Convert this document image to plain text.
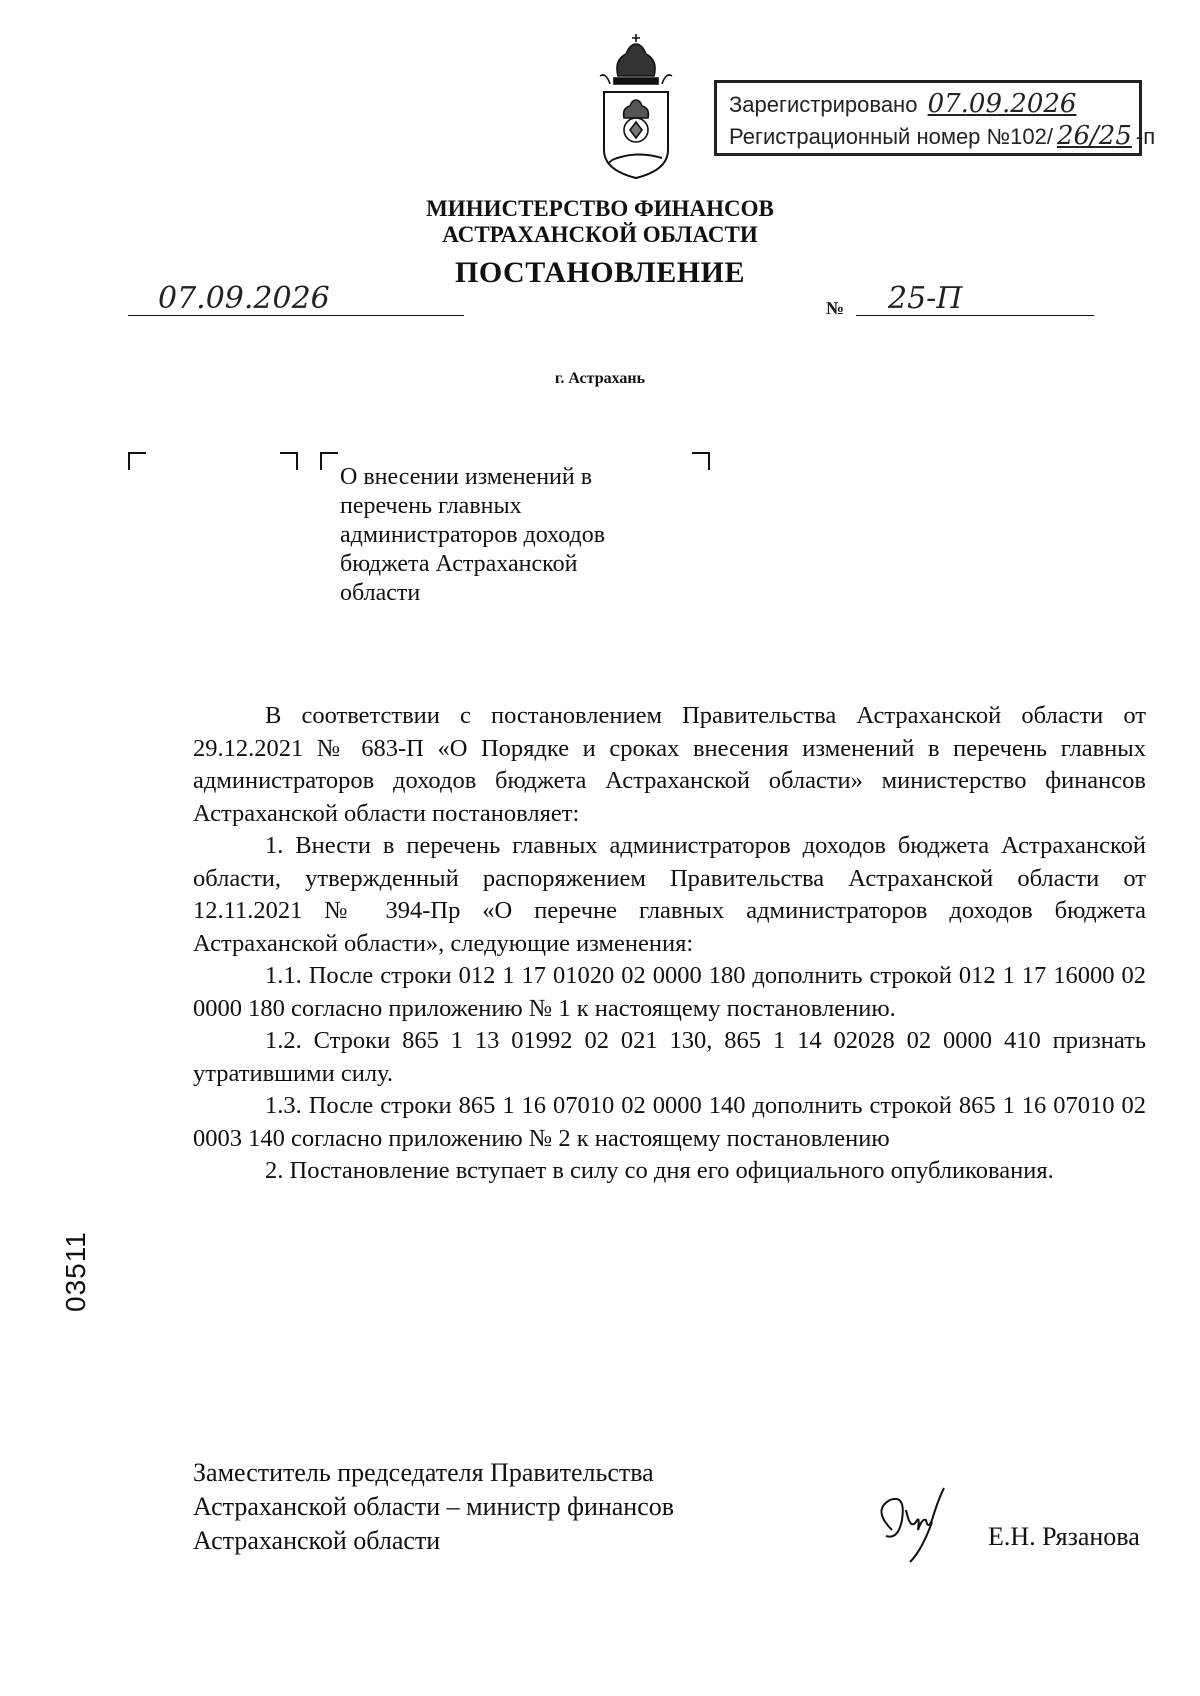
Зарегистрировано 07.09.2026
Регистрационный номер №102/ 26/25 -п
МИНИСТЕРСТВО ФИНАНСОВ
АСТРАХАНСКОЙ ОБЛАСТИ
ПОСТАНОВЛЕНИЕ
07.09.2026	№ 25-П
г. Астрахань
О внесении изменений в
перечень главных
администраторов доходов
бюджета Астраханской
области

В соответствии с постановлением Правительства Астраханской области от 29.12.2021 № 683-П «О Порядке и сроках внесения изменений в перечень главных администраторов доходов бюджета Астраханской области» министерство финансов Астраханской области постановляет:

1. Внести в перечень главных администраторов доходов бюджета Астраханской области, утвержденный распоряжением Правительства Астраханской области от 12.11.2021 № 394-Пр «О перечне главных администраторов доходов бюджета Астраханской области», следующие изменения:

1.1. После строки 012 1 17 01020 02 0000 180 дополнить строкой 012 1 17 16000 02 0000 180 согласно приложению № 1 к настоящему постановлению.

1.2. Строки 865 1 13 01992 02 021 130, 865 1 14 02028 02 0000 410 признать утратившими силу.

1.3. После строки 865 1 16 07010 02 0000 140 дополнить строкой 865 1 16 07010 02 0003 140 согласно приложению № 2 к настоящему постановлению

2. Постановление вступает в силу со дня его официального опубликования.

Заместитель председателя Правительства
Астраханской области – министр финансов
Астраханской области	Е.Н. Рязанова
03511
